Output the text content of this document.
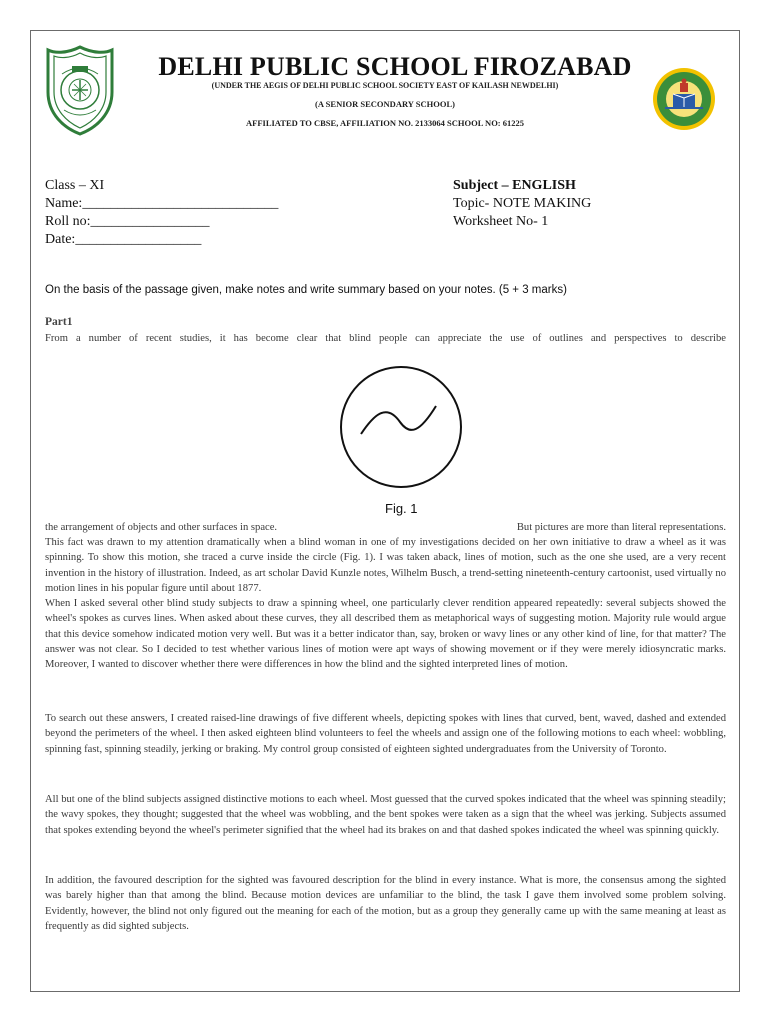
DELHI PUBLIC SCHOOL FIROZABAD
(UNDER THE AEGIS OF DELHI PUBLIC SCHOOL SOCIETY EAST OF KAILASH NEWDELHI)
(A SENIOR SECONDARY SCHOOL)
AFFILIATED TO CBSE, AFFILIATION NO. 2133064 SCHOOL NO: 61225
Class – XI
Name:____________________________
Roll no:_________________
Date:__________________
Subject – ENGLISH
Topic- NOTE MAKING
Worksheet No- 1
On the basis of the passage given, make notes and write summary based on your notes. (5 + 3 marks)
Part1
From a number of recent studies, it has become clear that blind people can appreciate the use of outlines and perspectives to describe
Fig. 1
the arrangement of objects and other surfaces in space.	But pictures are more than literal representations.

This fact was drawn to my attention dramatically when a blind woman in one of my investigations decided on her own initiative to draw a wheel as it was spinning. To show this motion, she traced a curve inside the circle (Fig. 1). I was taken aback, lines of motion, such as the one she used, are a very recent invention in the history of illustration. Indeed, as art scholar David Kunzle notes, Wilhelm Busch, a trend-setting nineteenth-century cartoonist, used virtually no motion lines in his popular figure until about 1877.

When I asked several other blind study subjects to draw a spinning wheel, one particularly clever rendition appeared repeatedly: several subjects showed the wheel's spokes as curves lines. When asked about these curves, they all described them as metaphorical ways of suggesting motion. Majority rule would argue that this device somehow indicated motion very well. But was it a better indicator than, say, broken or wavy lines or any other kind of line, for that matter? The answer was not clear. So I decided to test whether various lines of motion were apt ways of showing movement or if they were merely idiosyncratic marks. Moreover, I wanted to discover whether there were differences in how the blind and the sighted interpreted lines of motion.

To search out these answers, I created raised-line drawings of five different wheels, depicting spokes with lines that curved, bent, waved, dashed and extended beyond the perimeters of the wheel. I then asked eighteen blind volunteers to feel the wheels and assign one of the following motions to each wheel: wobbling, spinning fast, spinning steadily, jerking or braking. My control group consisted of eighteen sighted undergraduates from the University of Toronto.
All but one of the blind subjects assigned distinctive motions to each wheel. Most guessed that the curved spokes indicated that the wheel was spinning steadily; the wavy spokes, they thought; suggested that the wheel was wobbling, and the bent spokes were taken as a sign that the wheel was jerking. Subjects assumed that spokes extending beyond the wheel's perimeter signified that the wheel had its brakes on and that dashed spokes indicated the wheel was spinning quickly.
In addition, the favoured description for the sighted was favoured description for the blind in every instance. What is more, the consensus among the sighted was barely higher than that among the blind. Because motion devices are unfamiliar to the blind, the task I gave them involved some problem solving. Evidently, however, the blind not only figured out the meaning for each of the motion, but as a group they generally came up with the same meaning at least as frequently as did sighted subjects.
